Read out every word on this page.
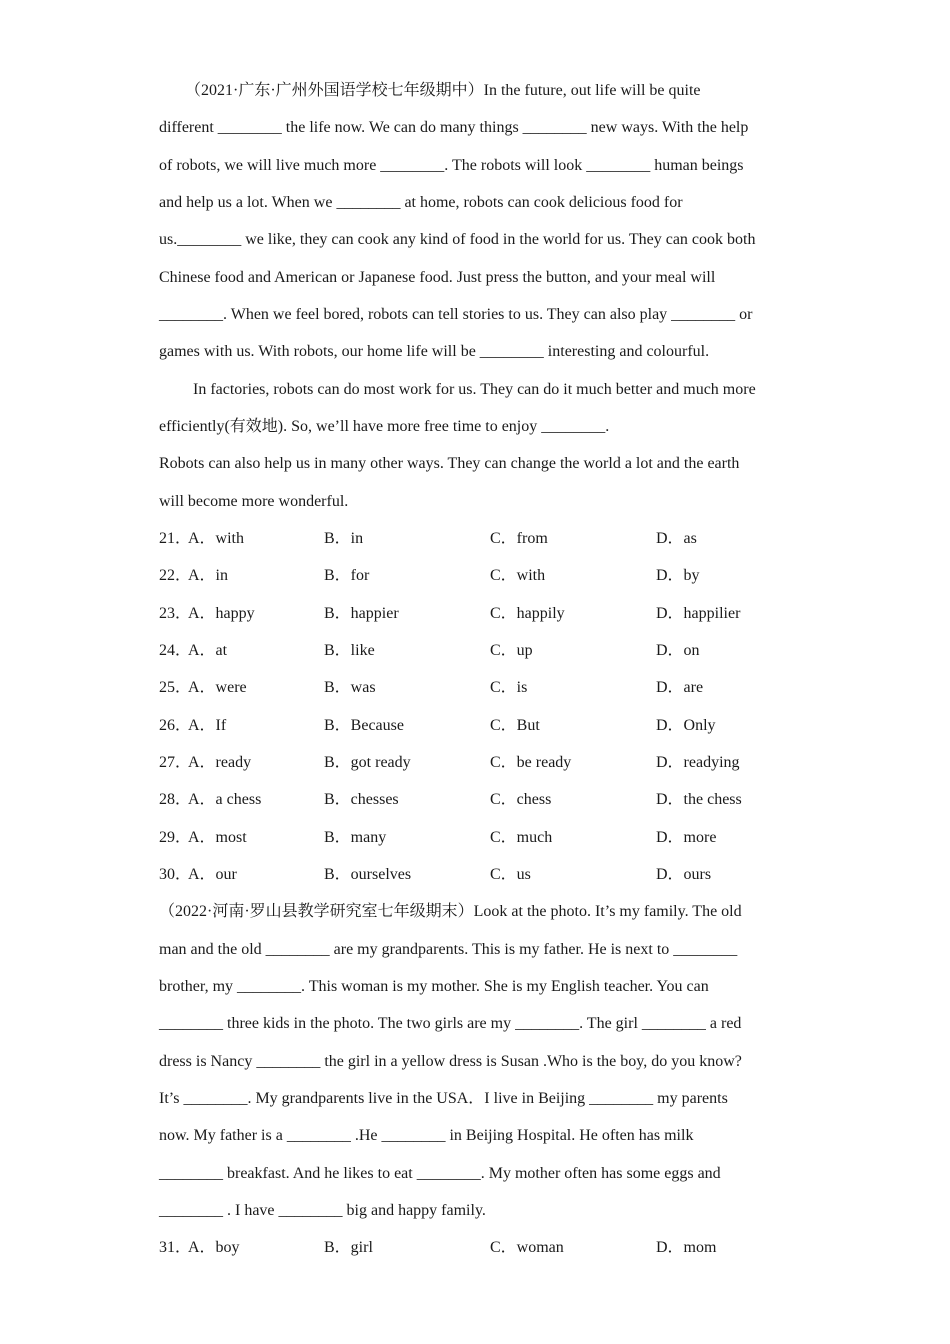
（2021·广东·广州外国语学校七年级期中）In the future, out life will be quite
different ________ the life now. We can do many things ________ new ways. With the help
of robots, we will live much more ________. The robots will look ________ human beings
and help us a lot. When we ________ at home, robots can cook delicious food for
us.________ we like, they can cook any kind of food in the world for us. They can cook both
Chinese food and American or Japanese food. Just press the button, and your meal will
________. When we feel bored, robots can tell stories to us. They can also play ________ or
games with us. With robots, our home life will be ________ interesting and colourful.
In factories, robots can do most work for us. They can do it much better and much more
efficiently(有效地). So, we’ll have more free time to enjoy ________.
Robots can also help us in many other ways. They can change the world a lot and the earth
will become more wonderful.
21．
A．with	B．in	C．from	D．as
22．
A．in	B．for	C．with	D．by
23．
A．happy	B．happier	C．happily	D．happilier
24．
A．at	B．like	C．up	D．on
25．
A．were	B．was	C．is	D．are
26．
A．If	B．Because	C．But	D．Only
27．
A．ready	B．got ready	C．be ready	D．readying
28．
A．a chess	B．chesses	C．chess	D．the chess
29．
A．most	B．many	C．much	D．more
30．
A．our	B．ourselves	C．us	D．ours
（2022·河南·罗山县教学研究室七年级期末）Look at the photo. It’s my family. The old
man and the old ________ are my grandparents. This is my father. He is next to ________
brother, my ________. This woman is my mother. She is my English teacher. You can
________ three kids in the photo. The two girls are my ________. The girl ________ a red
dress is Nancy ________ the girl in a yellow dress is Susan .Who is the boy, do you know?
It’s ________. My grandparents live in the USA．I live in Beijing ________ my parents
now. My father is a ________ .He ________ in Beijing Hospital. He often has milk
________ breakfast. And he likes to eat ________. My mother often has some eggs and
________ . I have ________ big and happy family.
31．
A．boy	B．girl	C．woman	D．mom
